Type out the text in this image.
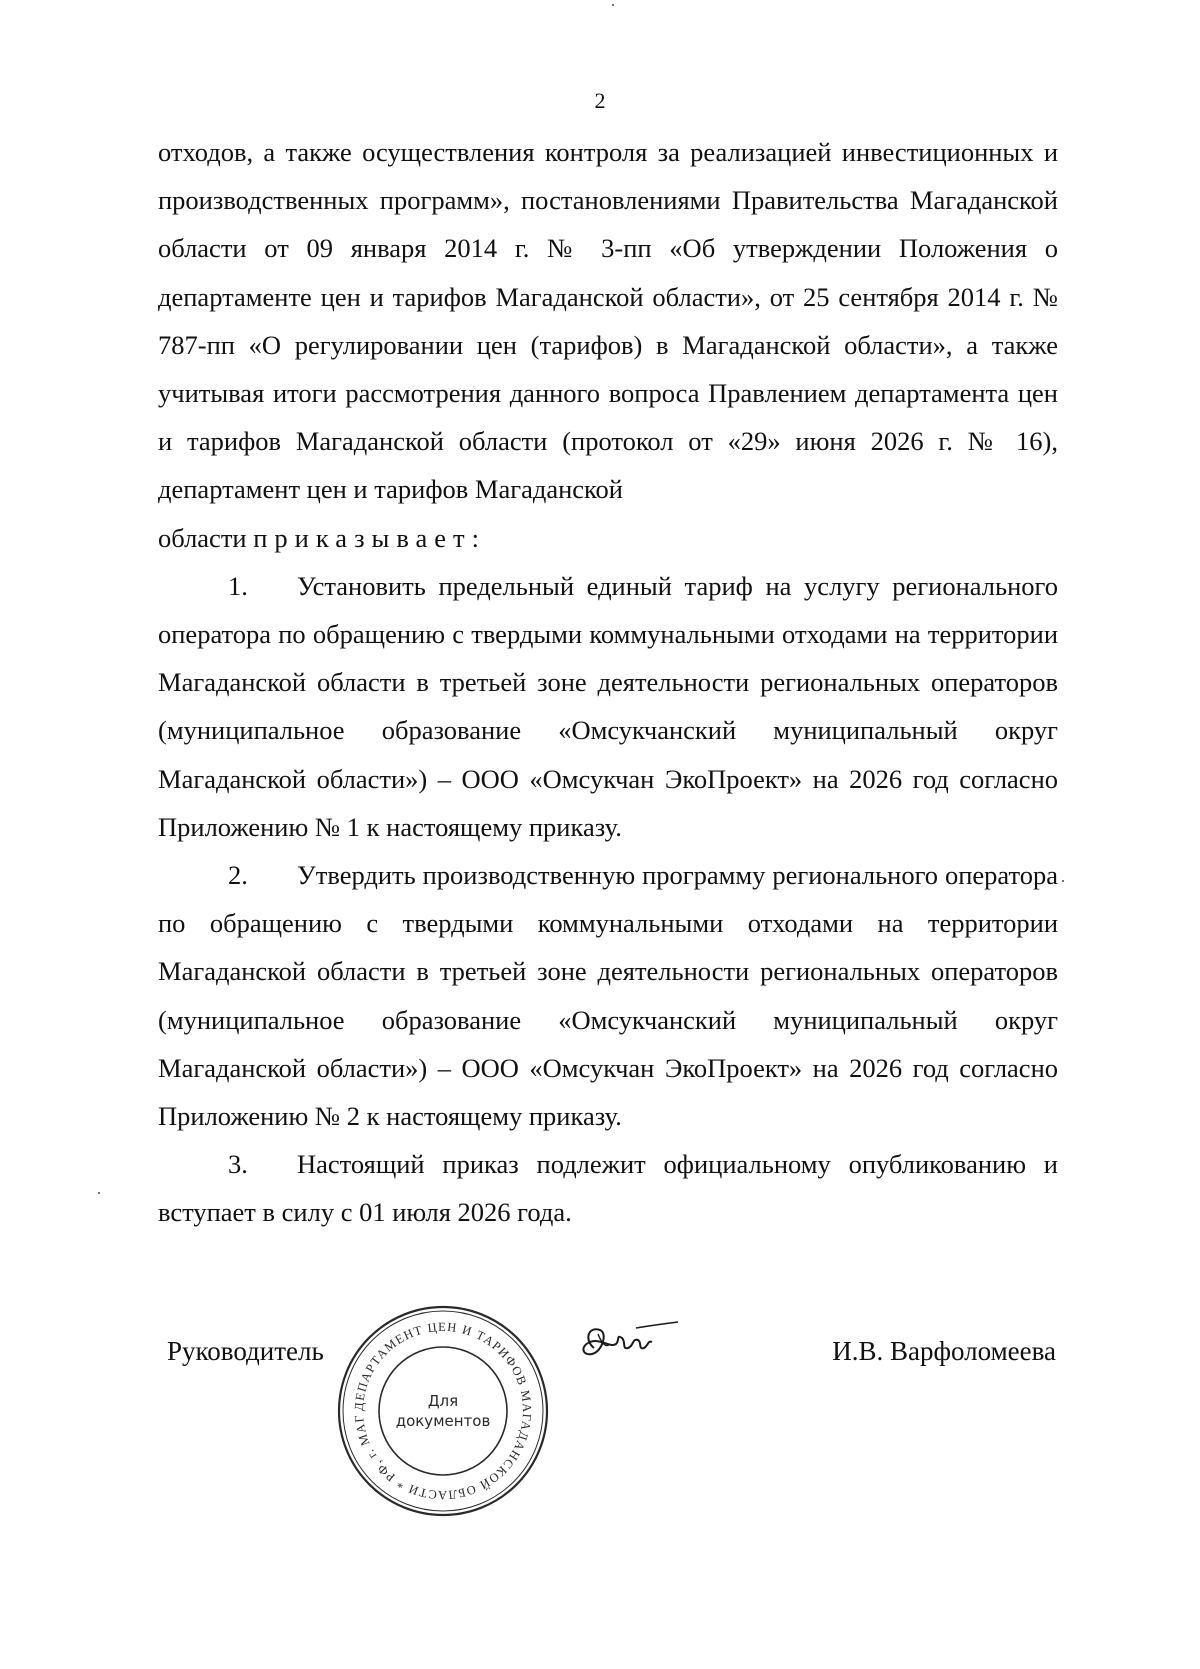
2

отходов, а также осуществления контроля за реализацией инвестиционных и производственных программ», постановлениями Правительства Магаданской области от 09 января 2014 г. № 3-пп «Об утверждении Положения о департаменте цен и тарифов Магаданской области», от 25 сентября 2014 г. № 787-пп «О регулировании цен (тарифов) в Магаданской области», а также учитывая итоги рассмотрения данного вопроса Правлением департамента цен и тарифов Магаданской области (протокол от «29» июня 2026 г. № 16), департамент цен и тарифов Магаданской

области приказывает:

1. Установить предельный единый тариф на услугу регионального оператора по обращению с твердыми коммунальными отходами на территории Магаданской области в третьей зоне деятельности региональных операторов (муниципальное образование «Омсукчанский муниципальный округ Магаданской области») – ООО «Омсукчан ЭкоПроект» на 2026 год согласно Приложению № 1 к настоящему приказу.

2. Утвердить производственную программу регионального оператора по обращению с твердыми коммунальными отходами на территории Магаданской области в третьей зоне деятельности региональных операторов (муниципальное образование «Омсукчанский муниципальный округ Магаданской области») – ООО «Омсукчан ЭкоПроект» на 2026 год согласно Приложению № 2 к настоящему приказу.

3. Настоящий приказ подлежит официальному опубликованию и вступает в силу с 01 июля 2026 года.

Руководитель	И.В. Варфоломеева
ДЕПАРТАМЕНТ ЦЕН И ТАРИФОВ МАГАДАНСКОЙ ОБЛАСТИ * РФ, г. МАГ
Для
документов
